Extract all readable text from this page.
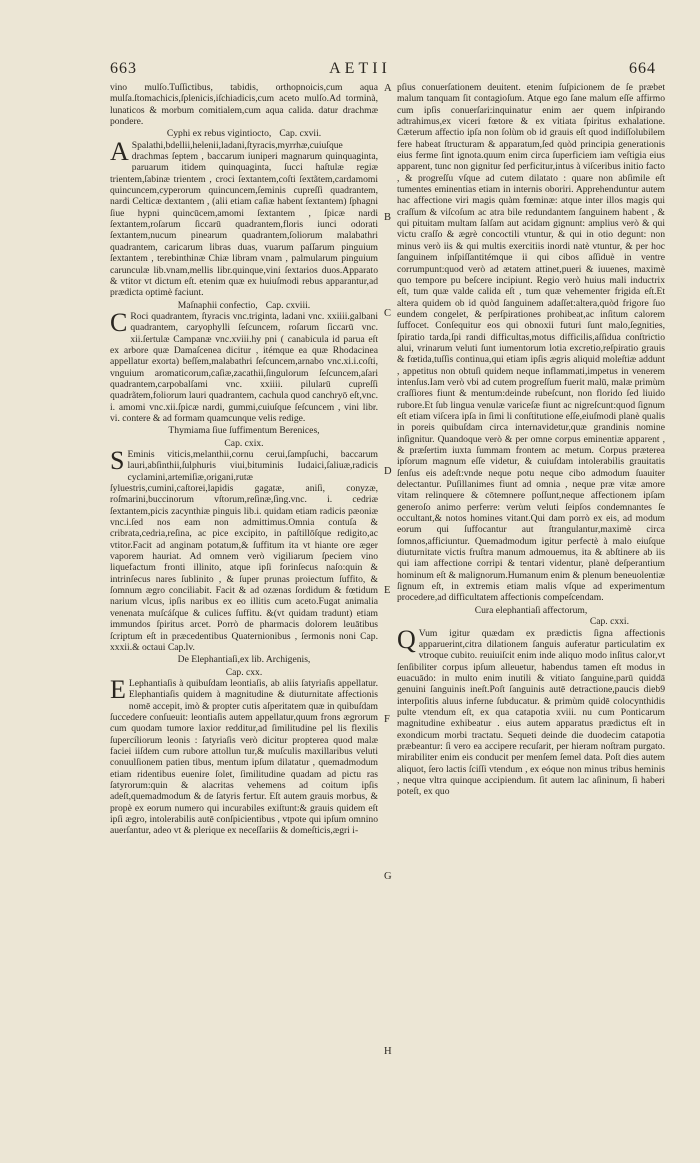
663	AETII	664
A
B
C
D
E
F
G
H

vino mulſo.Tuſſictibus, tabidis, orthopnoicis,cum aqua mulſa.ſtomachicis,ſplenicis,iſchiadicis,cum aceto mulſo.Ad torminà, lunaticos & morbum comitialem,cum aqua calida. datur drachmæ pondere.

Cyphi ex rebus vigintiocto, Cap. cxvii.

A Spalathi,bdellii,helenii,ladani,ſtyracis,myrrhæ,cuiuſque drachmas ſeptem , baccarum iuniperi magnarum quinquaginta, paruarum itidem quinquaginta, ſucci haſtulæ regiæ trientem,ſabinæ trientem , croci ſextantem,coſti ſextãtem,cardamomi quincuncem,cyperorum quincuncem,ſeminis cupreſſi quadrantem, nardi Celticæ dextantem , (alii etiam caſiæ habent ſextantem) ſphagni ſiue hypni quincūcem,amomi ſextantem , ſpicæ nardi ſextantem,roſarum ſiccarū quadrantem,floris iunci odorati ſextantem,nucum pinearum quadrantem,ſoliorum malabathri quadrantem, caricarum libras duas, vuarum paſſarum pinguium ſextantem , terebinthinæ Chiæ libram vnam , palmularum pinguium carunculæ lib.vnam,mellis libr.quinque,vini ſextarios duos.Apparato & vtitor vt dictum eſt. etenim quæ ex huiuſmodi rebus apparantur,ad prædicta optimè faciunt.

Maſnaphii confectio, Cap. cxviii.

C Roci quadrantem, ſtyracis vnc.triginta, ladani vnc. xxiiii.galbani quadrantem, caryophylli ſeſcuncem, roſarum ſiccarū vnc. xii.ſertulæ Campanæ vnc.xviii.hy pni ( canabicula id parua eſt ex arbore quæ Damaſcenea dicitur , itémque ea quæ Rhodacinea appellatur exorta) beſſem,malabathri ſeſcuncem,arnabo vnc.xi.i.coſti, vnguium aromaticorum,caſiæ,zacathii,ſingulorum ſeſcuncem,aſari quadrantem,carpobalſami vnc. xxiiii. pilularū cupreſſi quadrãtem,foliorum lauri quadrantem, cachula quod canchryō eſt,vnc. i. amomi vnc.xii.ſpicæ nardi, gummi,cuiuſque ſeſcuncem , vini libr. vi. contere & ad formam quamcunque velis redige.

Thymiama ſiue ſuffimentum Berenices,

Cap. cxix.

S Eminis viticis,melanthii,cornu cerui,ſampſuchi, baccarum lauri,abſinthii,ſulphuris viui,bituminis Iudaici,ſaliuæ,radicis cyclamini,artemiſiæ,origani,rutæ ſyluestris,cumini,caſtorei,lapidis gagatæ, aniſi, conyzæ, roſmarini,buccinorum vſtorum,reſinæ,ſing.vnc. i. cedriæ ſextantem,picis zacynthiæ pinguis lib.i. quidam etiam radicis pæoniæ vnc.i.ſed nos eam non admittimus.Omnia contuſa & cribrata,cedria,reſina, ac pice excipito, in paſtillōſque redigito,ac vtitor.Facit ad anginam potatum,& ſuffitum ita vt hiante ore æger vaporem hauriat. Ad omnem verò vigiliarum ſpeciem vino liquefactum fronti illinito, atque ipſi forinſecus naſo:quin & intrinſecus nares ſublinito , & ſuper prunas proiectum ſuffito, & ſomnum ægro conciliabit. Facit & ad ozænas ſordidum & fœtidum narium vlcus, ipſis naribus ex eo illitis cum aceto.Fugat animalia venenata muſcáſque & culices ſuffitu. &(vt quidam tradunt) etiam immundos ſpiritus arcet. Porrò de pharmacis dolorem leuātibus ſcriptum eſt in præcedentibus Quaternionibus , ſermonis noni Cap. xxxii.& octaui Cap.lv.

De Elephantiaſi,ex lib. Archigenis,

Cap. cxx.

E Lephantiaſis à quibuſdam leontiaſis, ab aliis ſatyriaſis appellatur. Elephantiaſis quidem à magnitudine & diuturnitate affectionis nomē accepit, imò & propter cutis aſperitatem quæ in quibuſdam ſuccedere conſueuit: leontiaſis autem appellatur,quum frons ægrorum cum quodam tumore laxior redditur,ad ſimilitudine pel lis flexilis ſupercíliorum leonis : ſatyriaſis verò dicitur propterea quod malæ faciei iiſdem cum rubore attollun tur,& muſculis maxillaribus veluti conuulſionem patien tibus, mentum ipſum dilatatur , quemadmodum etiam ridentibus euenire ſolet, ſimilitudine quadam ad pictu ras ſatyrorum:quin & alacritas vehemens ad coitum ipſis adeſt,quemadmodum & de ſatyris fertur. Eſt autem grauis morbus, & propè ex eorum numero qui incurabiles exiſtunt:& grauis quidem eſt ipſi ægro, intolerabilis autē conſpicientibus , vtpote qui ipſum omnino auerſantur, adeo vt & plerique ex neceſſariis & domeſticis,ægri i-

pſius conuerſationem deuitent. etenim ſuſpicionem de ſe præbet malum tanquam ſit contagioſum. Atque ego ſane malum eſſe affirmo cum ipſis conuerſari:inquinatur enim aer quem inſpirando adtrahimus,ex viceri fœtore & ex vitiata ſpiritus exhalatione. Cæterum affectio ipſa non ſolùm ob id grauis eſt quod indiſſolubilem fere habeat ſtructuram & apparatum,ſed quòd principia generationis eius ferme ſint ignota.quum enim circa ſuperficiem iam veſtigia eius apparent, tunc non gignitur ſed perficitur,intus à viſceribus initio facto , & progreſſu vſque ad cutem dilatato : quare non abſimile eſt tumentes eminentias etiam in internis oboriri. Apprehenduntur autem hac affectione viri magis quàm fœminæ: atque inter illos magis qui craſſum & viſcoſum ac atra bile redundantem ſanguinem habent , & qui pituitam multam ſalſam aut acidam gignunt: amplius verò & qui victu craſſo & ægrè concoctili vtuntur, & qui in otio degunt: non minus verò iis & qui multis exercitiis inordi natè vtuntur, & per hoc ſanguinem inſpiſſantitémque ii qui cibos aſſiduè in ventre corrumpunt:quod verò ad ætatem attinet,pueri & iuuenes, maximè quo tempore pu beſcere incipiunt. Regio verò huius mali inductrix eſt, tum quæ valde calida eſt , tum quæ vehementer frigida eſt.Et altera quidem ob id quòd ſanguinem adaſſet:altera,quòd frigore ſuo eundem congelet, & perſpirationes prohibeat,ac inſitum calorem ſuffocet. Conſequitur eos qui obnoxii futuri ſunt malo,ſegnities, ſpiratio tarda,ſpi randi difficultas,motus difficilis,aſſidua conſtrictio alui, vrinarum veluti ſunt iumentorum lotia excretio,reſpiratio grauis & fœtida,tuſſis continua,qui etiam ipſis ægris aliquid moleſtiæ addunt , appetitus non obtuſi quidem neque inflammati,impetus in venerem intenſus.Iam verò vbi ad cutem progreſſum fuerit malū, malæ primùm craſſiores fiunt & mentum:deinde rubeſcunt, non florido ſed liuido rubore.Et ſub lingua venulæ variceſæ fiunt ac nigreſcunt:quod ſignum eſt etiam viſcera ipſa in ſimi li conſtitutione eſſe,eiuſmodi planè qualis in poreis quibuſdam circa internavidetur,quæ grandinis nomine inſignitur. Quandoque verò & per omne corpus eminentiæ apparent , & præſertim iuxta ſummam frontem ac metum. Corpus præterea ipſorum magnum eſſe videtur, & cuiuſdam intolerabilis grauitatis ſenſus eis adeſt:vnde neque potu neque cibo admodum ſuauiter delectantur. Puſillanimes fiunt ad omnia , neque præ vitæ amore vitam relinquere & cōtemnere poſſunt,neque affectionem ipſam generoſo animo perferre: verùm veluti ſeipſos condemnantes ſe occultant,& notos homines vitant.Qui dam porrò ex eis, ad modum eorum qui ſuffocantur aut ſtrangulantur,maximè circa ſomnos,afficiuntur. Quemadmodum igitur perfectè à malo eiuſque diuturnitate victis fruſtra manum admouemus, ita & abſtinere ab iis qui iam affectione corripi & tentari videntur, planè deſperantium hominum eſt & malignorum.Humanum enim & plenum beneuolentiæ ſignum eſt, in extremis etiam malis vſque ad experimentum procedere,ad difficultatem affectionis compeſcendam.

Cura elephantiaſi affectorum,

Cap. cxxi.

Q Vum igitur quædam ex prædictis ſigna affectionis apparuerint,citra dilationem ſanguis auferatur particulatim ex vtroque cubito. reuiuiſcit enim inde aliquo modo inſitus calor,vt ſenſibiliter corpus ipſum alleuetur, habendus tamen eſt modus in euacuādo: in multo enim inutili & vitiato ſanguine,parū quiddā genuini ſanguinis ineſt.Poſt ſanguinis autē detractione,paucis dieb9 interpoſitis aluus inferne ſubducatur. & primùm quidē colocynthidis pulte vtendum eſt, ex qua catapotia xviii. nu cum Ponticarum magnitudine exhibeatur . eius autem apparatus prædictus eſt in exondicum morbi tractatu. Sequeti deinde die duodecim catapotia præbeantur: ſi vero ea accipere recuſarit, per hieram noſtram purgato. mirabiliter enim eis conducit per menſem ſemel data. Poſt dies autem aliquot, ſero lactis ſciſſi vtendum , ex eóque non minus tribus heminis , neque vltra quinque accipiendum. ſit autem lac aſininum, ſi haberi poteſt, ex quo
